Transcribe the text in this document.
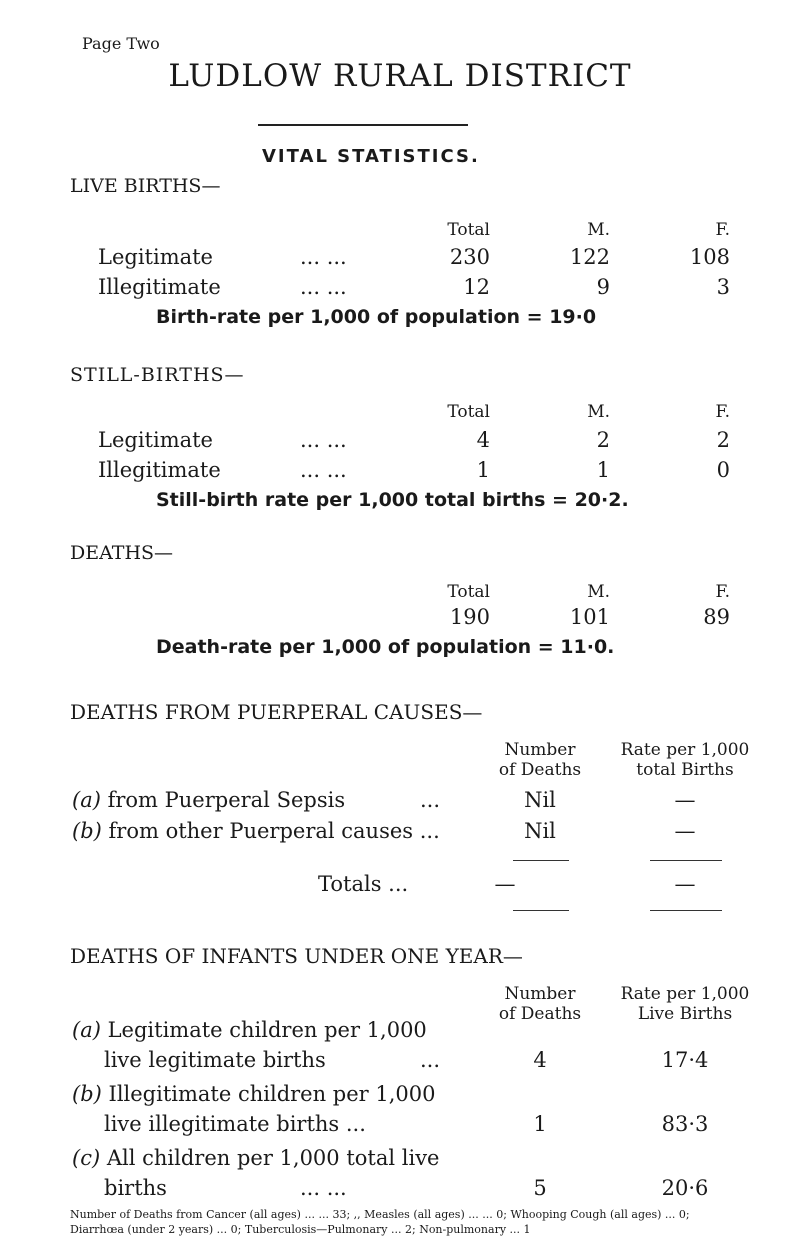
Page Two
LUDLOW RURAL DISTRICT
VITAL STATISTICS.
LIVE BIRTHS—
Total	M.	F.
Legitimate	... ...	230	122	108
Illegitimate	... ...	12	9	3
Birth-rate per 1,000 of population = 19·0
STILL-BIRTHS—
Total	M.	F.
Legitimate	... ...	4	2	2
Illegitimate	... ...	1	1	0
Still-birth rate per 1,000 total births = 20·2.
DEATHS—
Total	M.	F.
190	101	89
Death-rate per 1,000 of population = 11·0.
DEATHS FROM PUERPERAL CAUSES—
Number
of Deaths
Rate per 1,000
total Births
(a) from Puerperal Sepsis	...	Nil	—
(b) from other Puerperal causes ...	Nil	—
Totals ...	—	—
DEATHS OF INFANTS UNDER ONE YEAR—
Number
of Deaths
Rate per 1,000
Live Births
(a) Legitimate children per 1,000
live legitimate births	...	4	17·4
(b) Illegitimate children per 1,000
live illegitimate births ...	1	83·3
(c) All children per 1,000 total live
births	... ...	5	20·6
Number of Deaths from Cancer (all ages) ... ... 33; ,, Measles (all ages) ... ... 0; Whooping Cough (all ages) ... 0;
Diarrhœa (under 2 years) ... 0; Tuberculosis—Pulmonary ... 2; Non-pulmonary ... 1
